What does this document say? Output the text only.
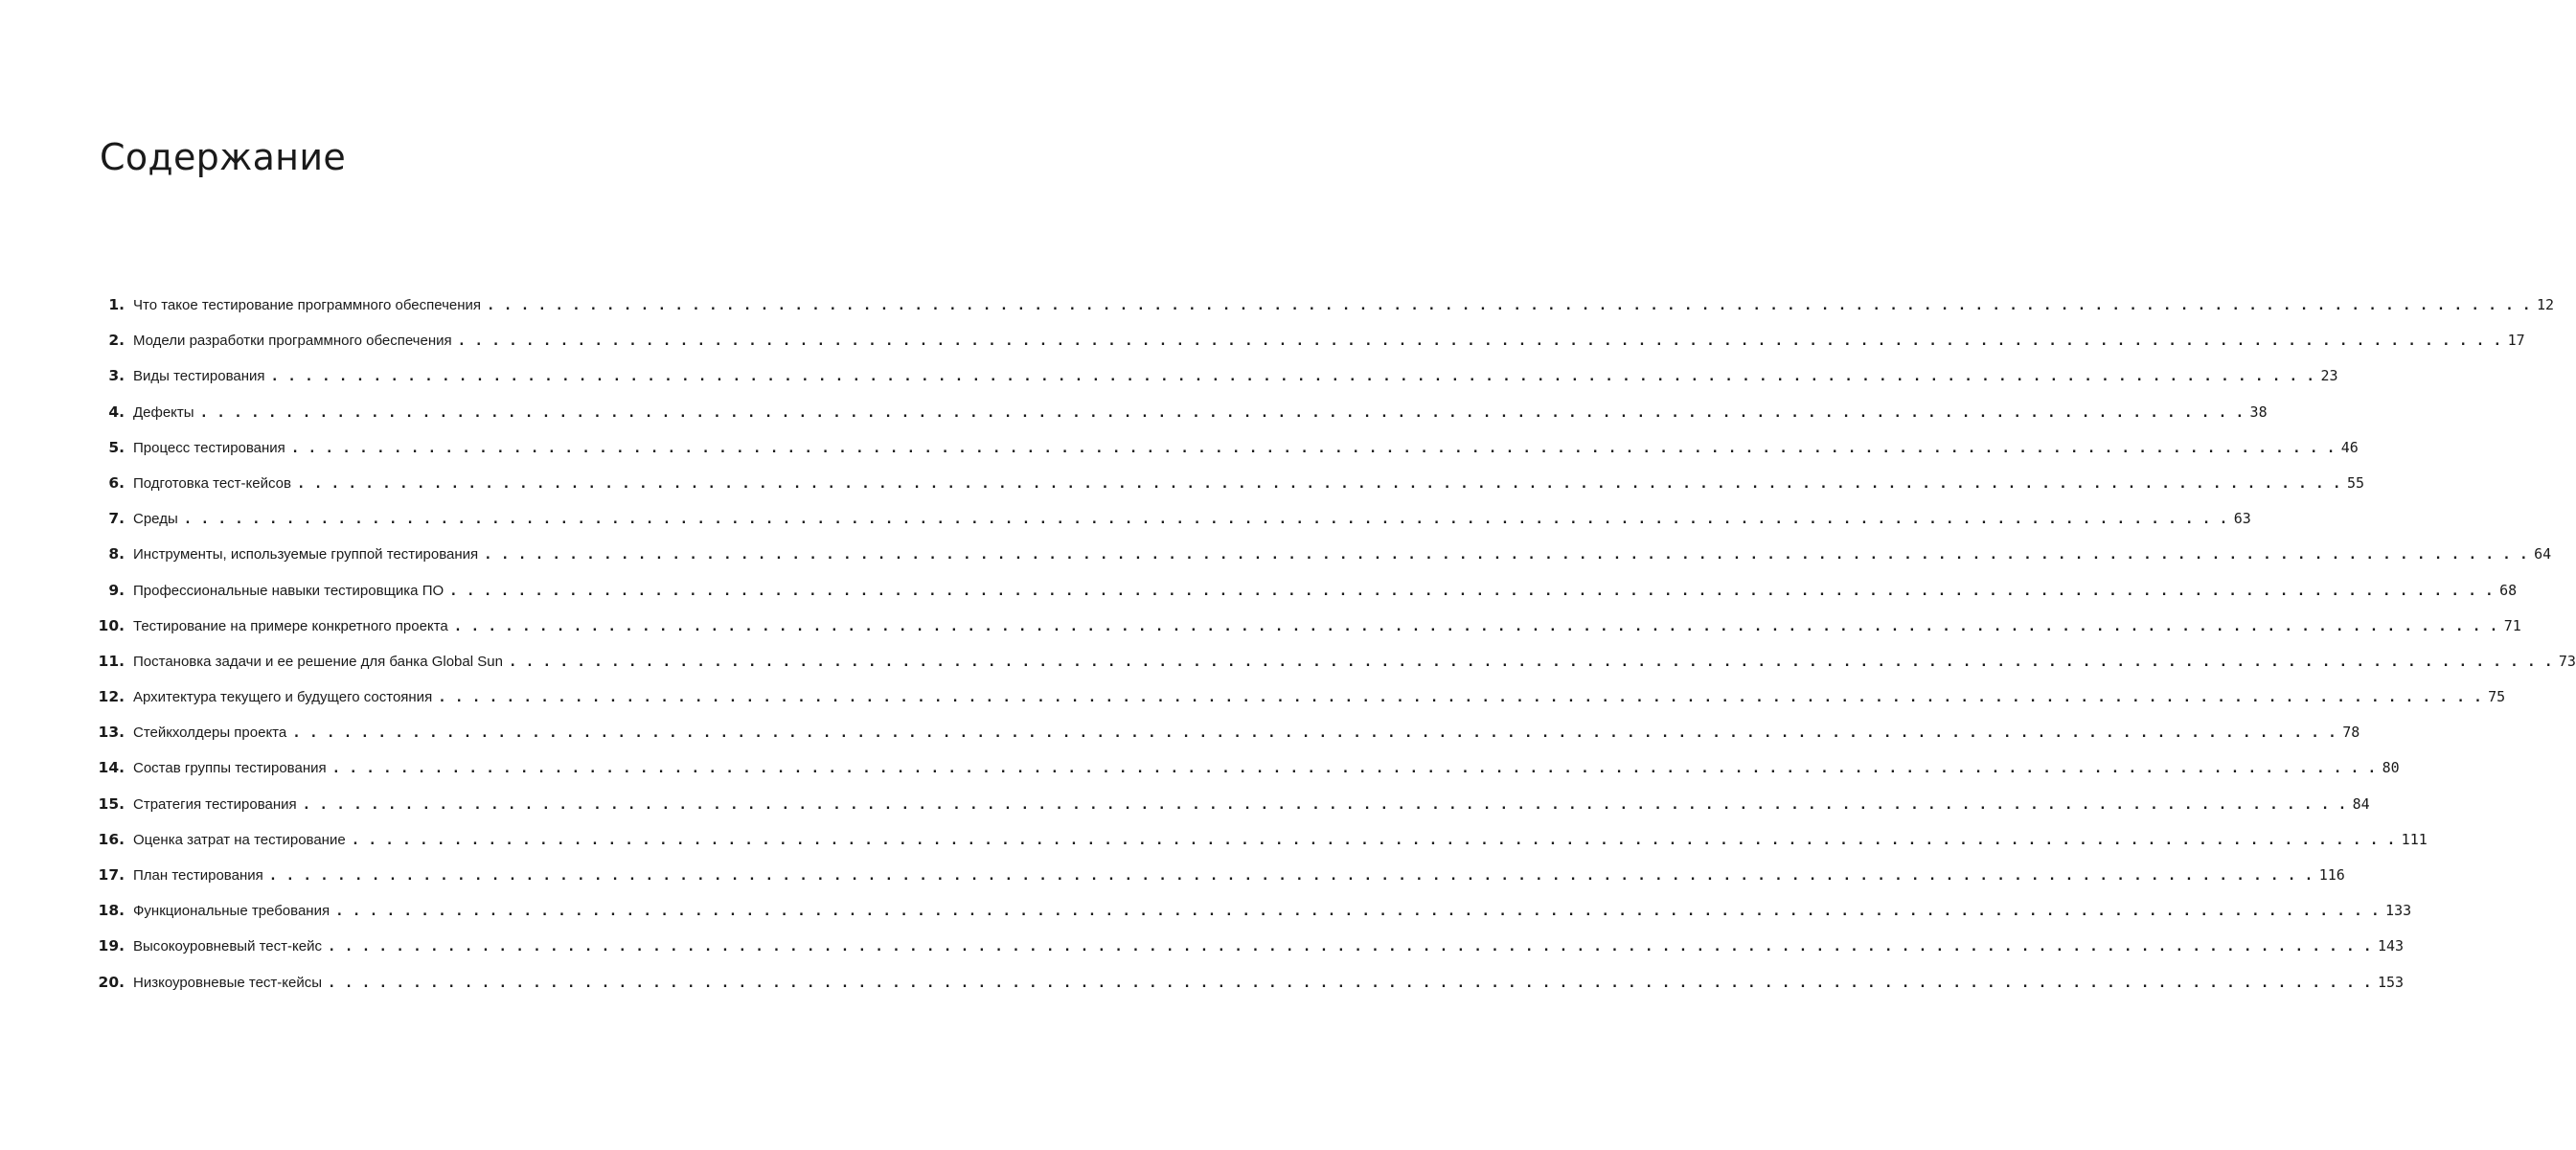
Содержание
1. Что такое тестирование программного обеспечения . . . . . . . . . . . . . . . . . . . . . . . . . . . . . . . . . . . . . . . . . . . . . . . . . . . . . . . . . . . . . . . . . . . . . . . . . . . . . . . . . . . . . . . . . . . . . . . . . . . . . . . . . . . . . . . . . . . . . . . . 12
2. Модели разработки программного обеспечения . . . . . . . . . . . . . . . . . . . . . . . . . . . . . . . . . . . . . . . . . . . . . . . . . . . . . . . . . . . . . . . . . . . . . . . . . . . . . . . . . . . . . . . . . . . . . . . . . . . . . . . . . . . . . . . . . . . . . . . . 17
3. Виды тестирования . . . . . . . . . . . . . . . . . . . . . . . . . . . . . . . . . . . . . . . . . . . . . . . . . . . . . . . . . . . . . . . . . . . . . . . . . . . . . . . . . . . . . . . . . . . . . . . . . . . . . . . . . . . . . . . . . . . . . . . . 23
4. Дефекты . . . . . . . . . . . . . . . . . . . . . . . . . . . . . . . . . . . . . . . . . . . . . . . . . . . . . . . . . . . . . . . . . . . . . . . . . . . . . . . . . . . . . . . . . . . . . . . . . . . . . . . . . . . . . . . . . . . . . . . . 38
5. Процесс тестирования . . . . . . . . . . . . . . . . . . . . . . . . . . . . . . . . . . . . . . . . . . . . . . . . . . . . . . . . . . . . . . . . . . . . . . . . . . . . . . . . . . . . . . . . . . . . . . . . . . . . . . . . . . . . . . . . . . . . . . . . 46
6. Подготовка тест-кейсов . . . . . . . . . . . . . . . . . . . . . . . . . . . . . . . . . . . . . . . . . . . . . . . . . . . . . . . . . . . . . . . . . . . . . . . . . . . . . . . . . . . . . . . . . . . . . . . . . . . . . . . . . . . . . . . . . . . . . . . . 55
7. Среды . . . . . . . . . . . . . . . . . . . . . . . . . . . . . . . . . . . . . . . . . . . . . . . . . . . . . . . . . . . . . . . . . . . . . . . . . . . . . . . . . . . . . . . . . . . . . . . . . . . . . . . . . . . . . . . . . . . . . . . . 63
8. Инструменты, используемые группой тестирования . . . . . . . . . . . . . . . . . . . . . . . . . . . . . . . . . . . . . . . . . . . . . . . . . . . . . . . . . . . . . . . . . . . . . . . . . . . . . . . . . . . . . . . . . . . . . . . . . . . . . . . . . . . . . . . . . . . . . . . . 64
9. Профессиональные навыки тестировщика ПО . . . . . . . . . . . . . . . . . . . . . . . . . . . . . . . . . . . . . . . . . . . . . . . . . . . . . . . . . . . . . . . . . . . . . . . . . . . . . . . . . . . . . . . . . . . . . . . . . . . . . . . . . . . . . . . . . . . . . . . . 68
10. Тестирование на примере конкретного проекта . . . . . . . . . . . . . . . . . . . . . . . . . . . . . . . . . . . . . . . . . . . . . . . . . . . . . . . . . . . . . . . . . . . . . . . . . . . . . . . . . . . . . . . . . . . . . . . . . . . . . . . . . . . . . . . . . . . . . . . . 71
11. Постановка задачи и ее решение для банка Global Sun . . . . . . . . . . . . . . . . . . . . . . . . . . . . . . . . . . . . . . . . . . . . . . . . . . . . . . . . . . . . . . . . . . . . . . . . . . . . . . . . . . . . . . . . . . . . . . . . . . . . . . . . . . . . . . . . . . . . . . . . 73
12. Архитектура текущего и будущего состояния . . . . . . . . . . . . . . . . . . . . . . . . . . . . . . . . . . . . . . . . . . . . . . . . . . . . . . . . . . . . . . . . . . . . . . . . . . . . . . . . . . . . . . . . . . . . . . . . . . . . . . . . . . . . . . . . . . . . . . . . 75
13. Стейкхолдеры проекта . . . . . . . . . . . . . . . . . . . . . . . . . . . . . . . . . . . . . . . . . . . . . . . . . . . . . . . . . . . . . . . . . . . . . . . . . . . . . . . . . . . . . . . . . . . . . . . . . . . . . . . . . . . . . . . . . . . . . . . . 78
14. Состав группы тестирования . . . . . . . . . . . . . . . . . . . . . . . . . . . . . . . . . . . . . . . . . . . . . . . . . . . . . . . . . . . . . . . . . . . . . . . . . . . . . . . . . . . . . . . . . . . . . . . . . . . . . . . . . . . . . . . . . . . . . . . . 80
15. Стратегия тестирования . . . . . . . . . . . . . . . . . . . . . . . . . . . . . . . . . . . . . . . . . . . . . . . . . . . . . . . . . . . . . . . . . . . . . . . . . . . . . . . . . . . . . . . . . . . . . . . . . . . . . . . . . . . . . . . . . . . . . . . . 84
16. Оценка затрат на тестирование . . . . . . . . . . . . . . . . . . . . . . . . . . . . . . . . . . . . . . . . . . . . . . . . . . . . . . . . . . . . . . . . . . . . . . . . . . . . . . . . . . . . . . . . . . . . . . . . . . . . . . . . . . . . . . . . . . . . . . . . 111
17. План тестирования . . . . . . . . . . . . . . . . . . . . . . . . . . . . . . . . . . . . . . . . . . . . . . . . . . . . . . . . . . . . . . . . . . . . . . . . . . . . . . . . . . . . . . . . . . . . . . . . . . . . . . . . . . . . . . . . . . . . . . . . 116
18. Функциональные требования . . . . . . . . . . . . . . . . . . . . . . . . . . . . . . . . . . . . . . . . . . . . . . . . . . . . . . . . . . . . . . . . . . . . . . . . . . . . . . . . . . . . . . . . . . . . . . . . . . . . . . . . . . . . . . . . . . . . . . . . 133
19. Высокоуровневый тест-кейс . . . . . . . . . . . . . . . . . . . . . . . . . . . . . . . . . . . . . . . . . . . . . . . . . . . . . . . . . . . . . . . . . . . . . . . . . . . . . . . . . . . . . . . . . . . . . . . . . . . . . . . . . . . . . . . . . . . . . . . . 143
20. Низкоуровневые тест-кейсы . . . . . . . . . . . . . . . . . . . . . . . . . . . . . . . . . . . . . . . . . . . . . . . . . . . . . . . . . . . . . . . . . . . . . . . . . . . . . . . . . . . . . . . . . . . . . . . . . . . . . . . . . . . . . . . . . . . . . . . . 153
